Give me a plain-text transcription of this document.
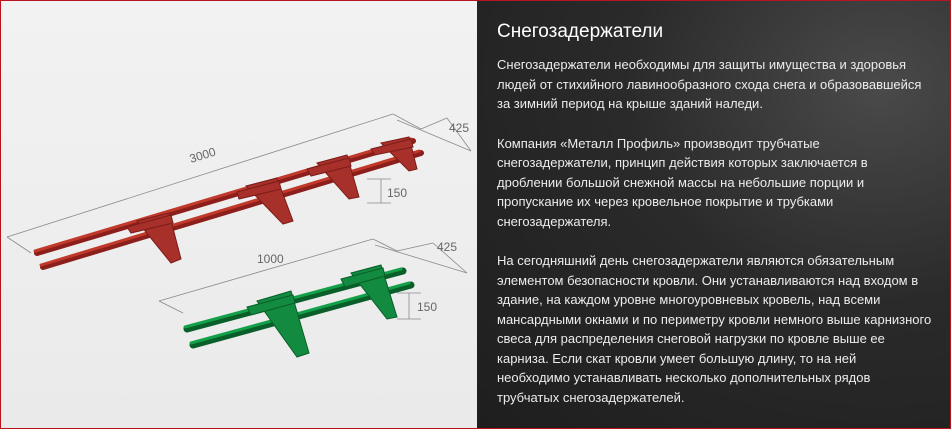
3000
425
150
1000
425
150
Снегозадержатели

Снегозадержатели необходимы для защиты имущества и здоровья людей от стихийного лавинообразного схода снега и образовавшейся за зимний период на крыше зданий наледи.

Компания «Металл Профиль» производит трубчатые снегозадержатели, принцип действия которых заключается в дроблении большой снежной массы на небольшие порции и пропускание их через кровельное покрытие и трубками снегозадержателя.

На сегодняшний день снегозадержатели являются обязательным элементом безопасности кровли. Они устанавливаются над входом в здание, на каждом уровне многоуровневых кровель, над всеми мансардными окнами и по периметру кровли немного выше карнизного свеса для распределения снеговой нагрузки по кровле выше ее карниза. Если скат кровли умеет большую длину, то на ней необходимо устанавливать несколько дополнительных рядов трубчатых снегозадержателей.
